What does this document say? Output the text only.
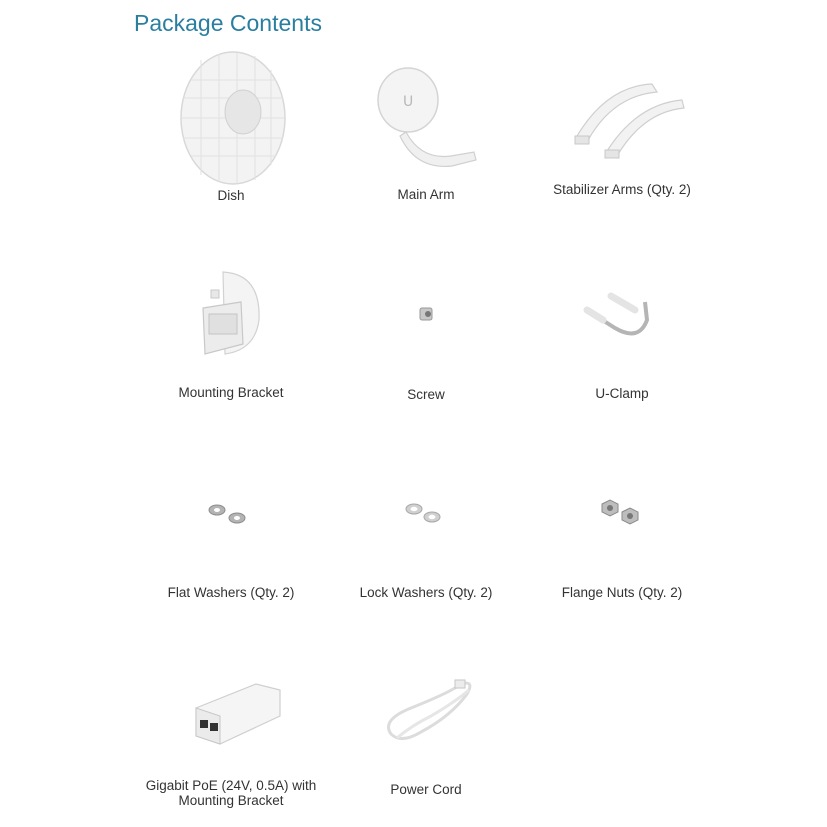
Package Contents
Dish
U
Main Arm	Stabilizer Arms (Qty. 2)
Mounting Bracket	Screw	U-Clamp
Flat Washers (Qty. 2)	Lock Washers (Qty. 2)	Flange Nuts (Qty. 2)
Gigabit PoE (24V, 0.5A) with Mounting Bracket
Power Cord
